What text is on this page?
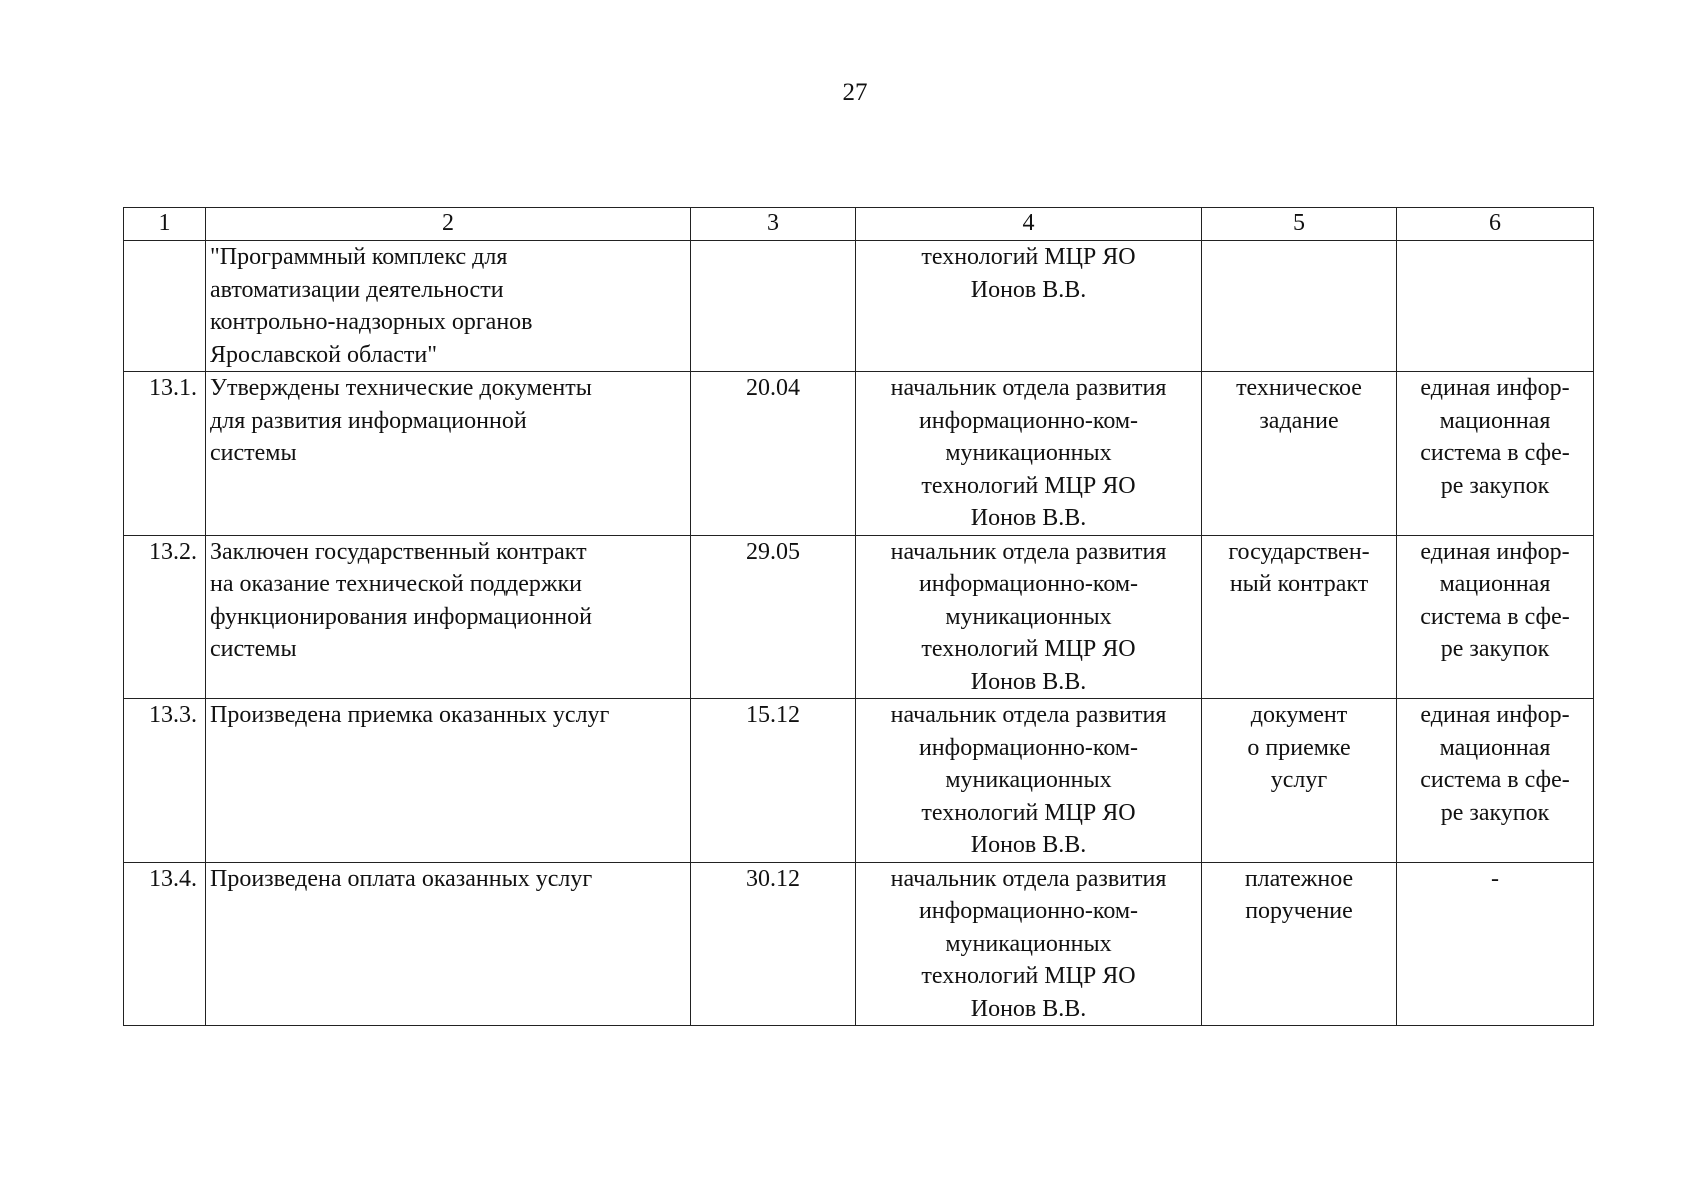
27
1	2	3	4	5	6
	"Программный комплекс для
автоматизации деятельности
контрольно-надзорных органов
Ярославской области"		технологий МЦР ЯО
Ионов В.В.		
13.1.	Утверждены технические документы
для развития информационной
системы	20.04	начальник отдела развития
информационно-ком-
муникационных
технологий МЦР ЯО
Ионов В.В.	техническое
задание	единая инфор-
мационная
система в сфе-
ре закупок
13.2.	Заключен государственный контракт
на оказание технической поддержки
функционирования информационной
системы	29.05	начальник отдела развития
информационно-ком-
муникационных
технологий МЦР ЯО
Ионов В.В.	государствен-
ный контракт	единая инфор-
мационная
система в сфе-
ре закупок
13.3.	Произведена приемка оказанных услуг	15.12	начальник отдела развития
информационно-ком-
муникационных
технологий МЦР ЯО
Ионов В.В.	документ
о приемке
услуг	единая инфор-
мационная
система в сфе-
ре закупок
13.4.	Произведена оплата оказанных услуг	30.12	начальник отдела развития
информационно-ком-
муникационных
технологий МЦР ЯО
Ионов В.В.	платежное
поручение	-
